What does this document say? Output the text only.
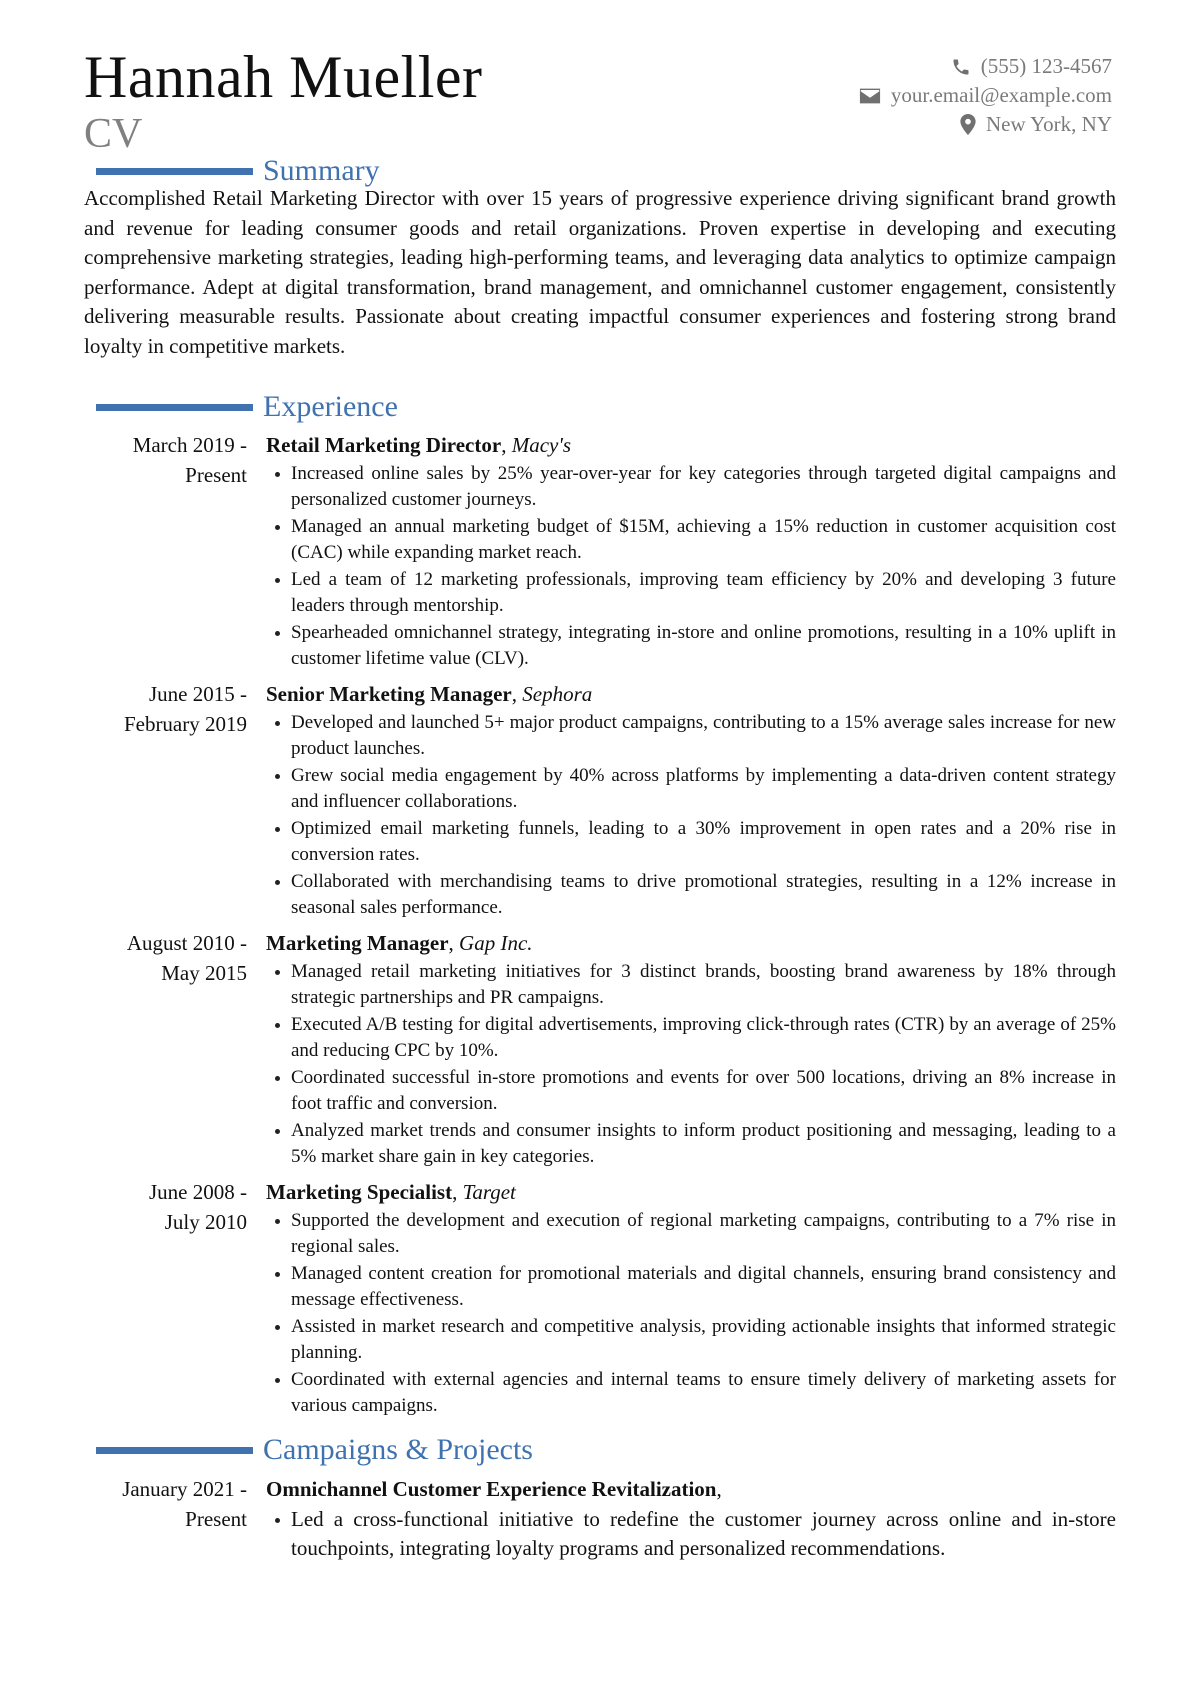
Hannah Mueller
CV
(555) 123-4567
your.email@example.com
New York, NY
Summary
Accomplished Retail Marketing Director with over 15 years of progressive experience driving significant brand growth and revenue for leading consumer goods and retail organizations. Proven expertise in developing and executing comprehensive marketing strategies, leading high-performing teams, and leveraging data analytics to optimize campaign performance. Adept at digital transformation, brand management, and omnichannel customer engagement, consistently delivering measurable results. Passionate about creating impactful consumer experiences and fostering strong brand loyalty in competitive markets.
Experience
March 2019 -
Present
Retail Marketing Director, Macy's
Increased online sales by 25% year-over-year for key categories through targeted digital campaigns and personalized customer journeys.
Managed an annual marketing budget of $15M, achieving a 15% reduction in customer acquisition cost (CAC) while expanding market reach.
Led a team of 12 marketing professionals, improving team efficiency by 20% and developing 3 future leaders through mentorship.
Spearheaded omnichannel strategy, integrating in-store and online promotions, resulting in a 10% uplift in customer lifetime value (CLV).
June 2015 -
February 2019
Senior Marketing Manager, Sephora
Developed and launched 5+ major product campaigns, contributing to a 15% average sales increase for new product launches.
Grew social media engagement by 40% across platforms by implementing a data-driven content strategy and influencer collaborations.
Optimized email marketing funnels, leading to a 30% improvement in open rates and a 20% rise in conversion rates.
Collaborated with merchandising teams to drive promotional strategies, resulting in a 12% increase in seasonal sales performance.
August 2010 -
May 2015
Marketing Manager, Gap Inc.
Managed retail marketing initiatives for 3 distinct brands, boosting brand awareness by 18% through strategic partnerships and PR campaigns.
Executed A/B testing for digital advertisements, improving click-through rates (CTR) by an average of 25% and reducing CPC by 10%.
Coordinated successful in-store promotions and events for over 500 locations, driving an 8% increase in foot traffic and conversion.
Analyzed market trends and consumer insights to inform product positioning and messaging, leading to a 5% market share gain in key categories.
June 2008 -
July 2010
Marketing Specialist, Target
Supported the development and execution of regional marketing campaigns, contributing to a 7% rise in regional sales.
Managed content creation for promotional materials and digital channels, ensuring brand consistency and message effectiveness.
Assisted in market research and competitive analysis, providing actionable insights that informed strategic planning.
Coordinated with external agencies and internal teams to ensure timely delivery of marketing assets for various campaigns.
Campaigns & Projects
January 2021 -
Present
Omnichannel Customer Experience Revitalization,
Led a cross-functional initiative to redefine the customer journey across online and in-store touchpoints, integrating loyalty programs and personalized recommendations.
